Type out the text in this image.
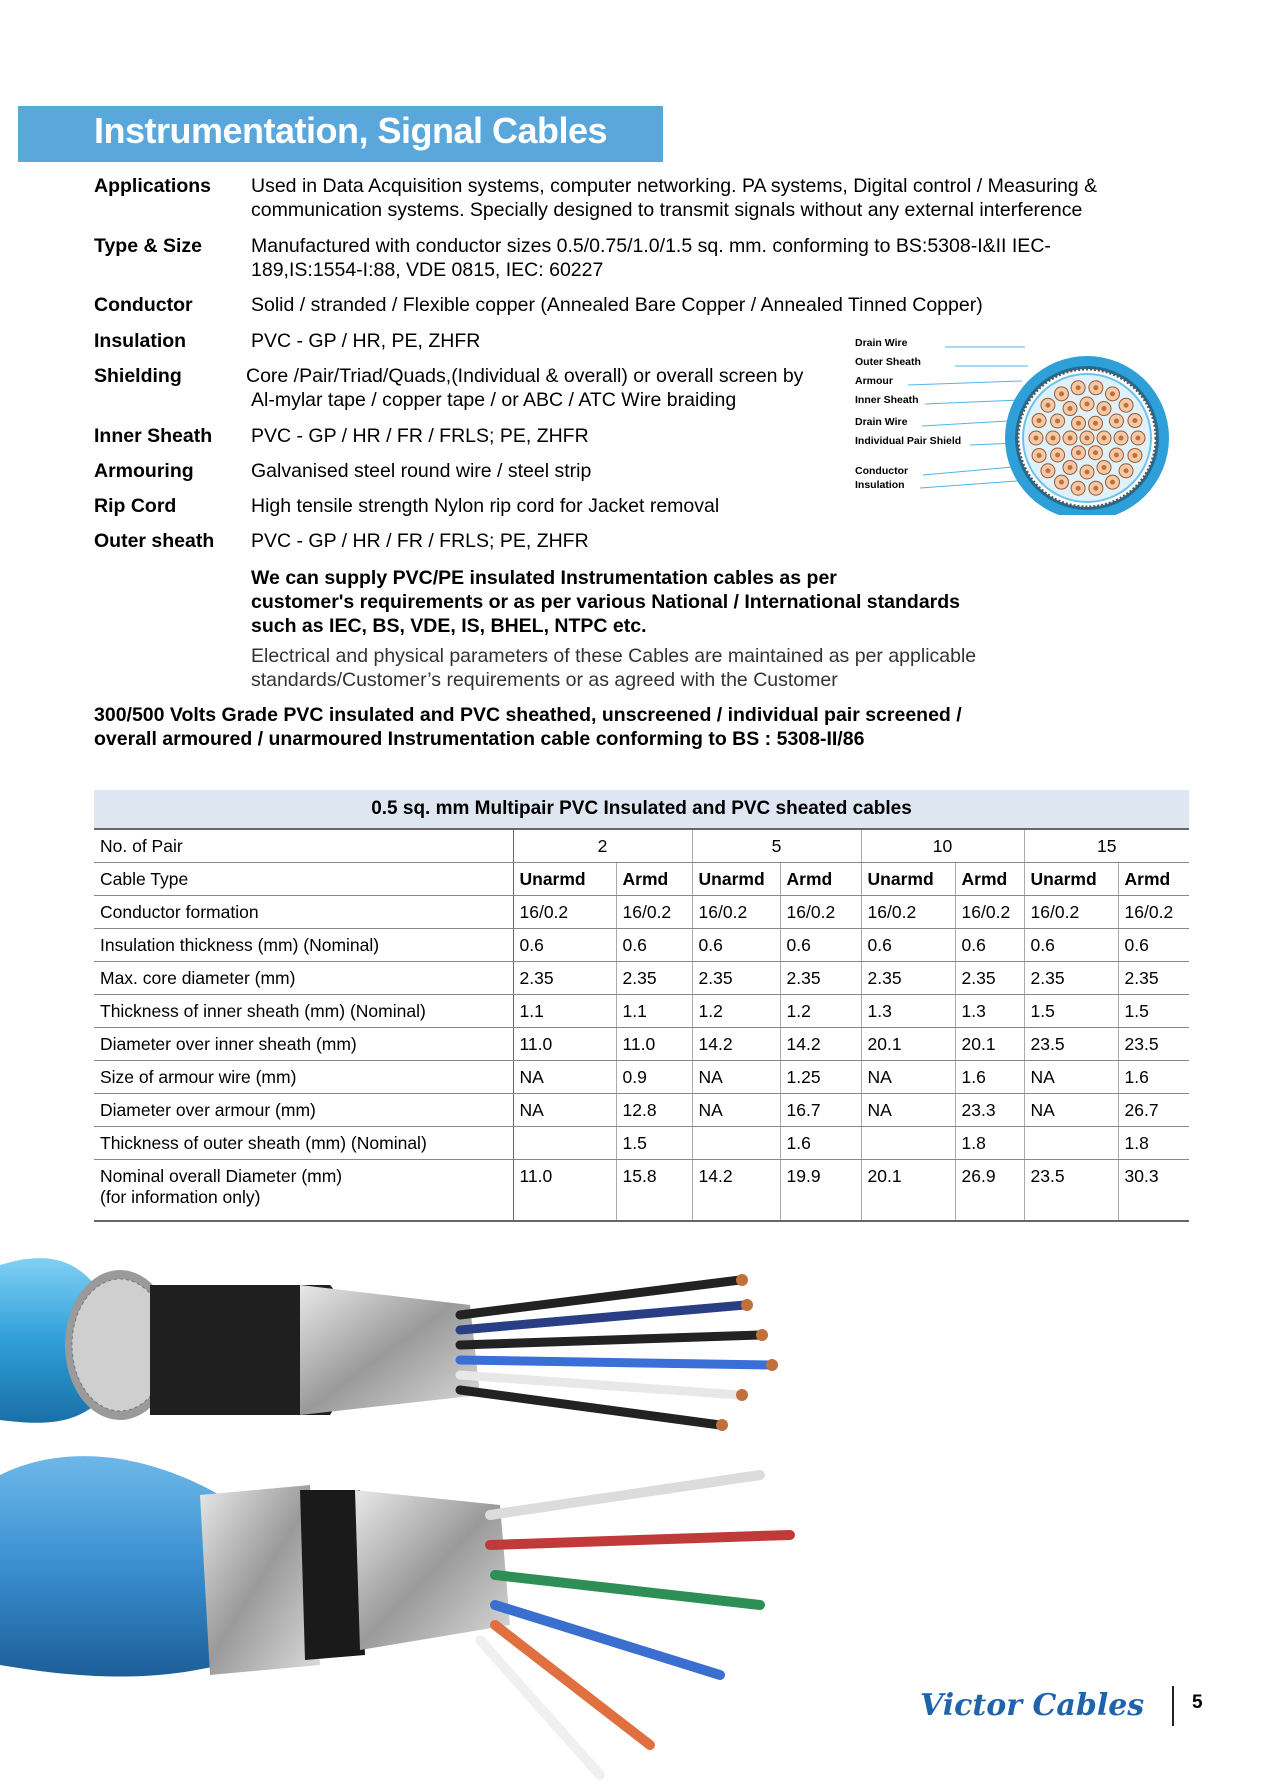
Instrumentation, Signal Cables
Applications Used in Data Acquisition systems, computer networking. PA systems, Digital control / Measuring &
communication systems. Specially designed to transmit signals without any external interference
Type & Size	Manufactured with conductor sizes 0.5/0.75/1.0/1.5 sq. mm. conforming to BS:5308-I&II IEC-
189,IS:1554-I:88, VDE 0815, IEC: 60227
Conductor	Solid / stranded / Flexible copper (Annealed Bare Copper / Annealed Tinned Copper)
Insulation	PVC - GP / HR, PE, ZHFR
Shielding	Core /Pair/Triad/Quads,(Individual & overall) or overall screen by
Al-mylar tape / copper tape / or ABC / ATC Wire braiding
Inner Sheath PVC - GP / HR / FR / FRLS; PE, ZHFR
Armouring	Galvanised steel round wire / steel strip
Rip Cord	High tensile strength Nylon rip cord for Jacket removal
Outer sheath PVC - GP / HR / FR / FRLS; PE, ZHFR
Drain Wire
Outer Sheath
Armour
Inner Sheath
Drain Wire
Individual Pair Shield
Conductor
Insulation
We can supply PVC/PE insulated Instrumentation cables as per
customer's requirements or as per various National / International standards
such as IEC, BS, VDE, IS, BHEL, NTPC etc.
Electrical and physical parameters of these Cables are maintained as per applicable
standards/Customer’s requirements or as agreed with the Customer
300/500 Volts Grade PVC insulated and PVC sheathed, unscreened / individual pair screened /
overall armoured / unarmoured Instrumentation cable conforming to BS : 5308-II/86
0.5 sq. mm Multipair PVC Insulated and PVC sheated cables
No. of Pair	2		5		10		15	
Cable Type	Unarmd	Armd	Unarmd	Armd	Unarmd	Armd	Unarmd	Armd
Conductor formation	16/0.2	16/0.2	16/0.2	16/0.2	16/0.2	16/0.2	16/0.2	16/0.2
Insulation thickness (mm) (Nominal)	0.6	0.6	0.6	0.6	0.6	0.6	0.6	0.6
Max. core diameter (mm)	2.35	2.35	2.35	2.35	2.35	2.35	2.35	2.35
Thickness of inner sheath (mm) (Nominal)	1.1	1.1	1.2	1.2	1.3	1.3	1.5	1.5
Diameter over inner sheath (mm)	11.0	11.0	14.2	14.2	20.1	20.1	23.5	23.5
Size of armour wire (mm)	NA	0.9	NA	1.25	NA	1.6	NA	1.6
Diameter over armour (mm)	NA	12.8	NA	16.7	NA	23.3	NA	26.7
Thickness of outer sheath (mm) (Nominal)		1.5		1.6		1.8		1.8

Nominal overall Diameter (mm)
(for information only)	11.0	15.8	14.2	19.9	20.1	26.9	23.5	30.3
Victor Cables	5
